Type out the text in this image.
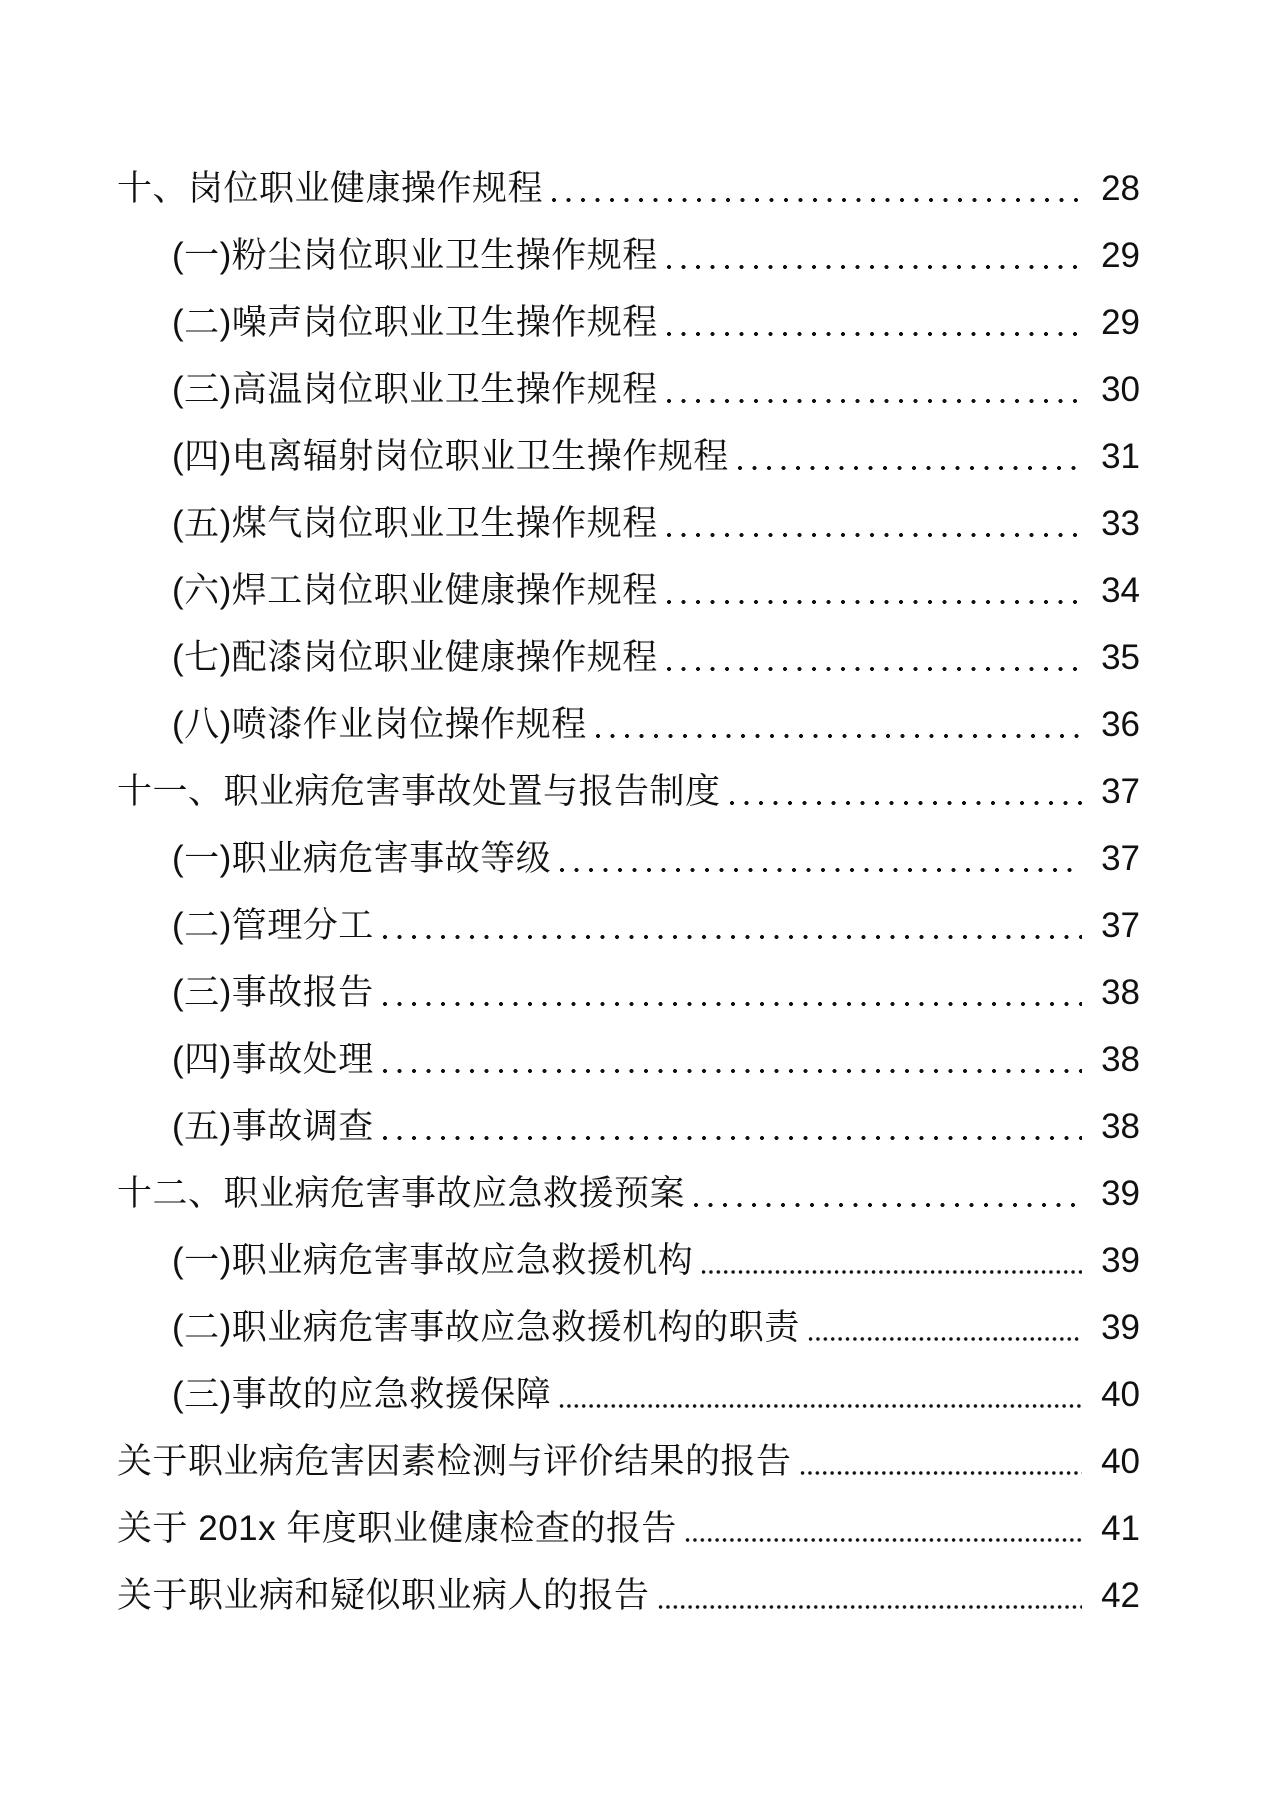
十、岗位职业健康操作规程	28
(一)粉尘岗位职业卫生操作规程	29
(二)噪声岗位职业卫生操作规程	29
(三)高温岗位职业卫生操作规程	30
(四)电离辐射岗位职业卫生操作规程	31
(五)煤气岗位职业卫生操作规程	33
(六)焊工岗位职业健康操作规程	34
(七)配漆岗位职业健康操作规程	35
(八)喷漆作业岗位操作规程	36
十一、职业病危害事故处置与报告制度	37
(一)职业病危害事故等级	37
(二)管理分工	37
(三)事故报告	38
(四)事故处理	38
(五)事故调查	38
十二、职业病危害事故应急救援预案	39
(一)职业病危害事故应急救援机构	39
(二)职业病危害事故应急救援机构的职责	39
(三)事故的应急救援保障	40
关于职业病危害因素检测与评价结果的报告	40
关于 201x 年度职业健康检查的报告	41
关于职业病和疑似职业病人的报告	42
